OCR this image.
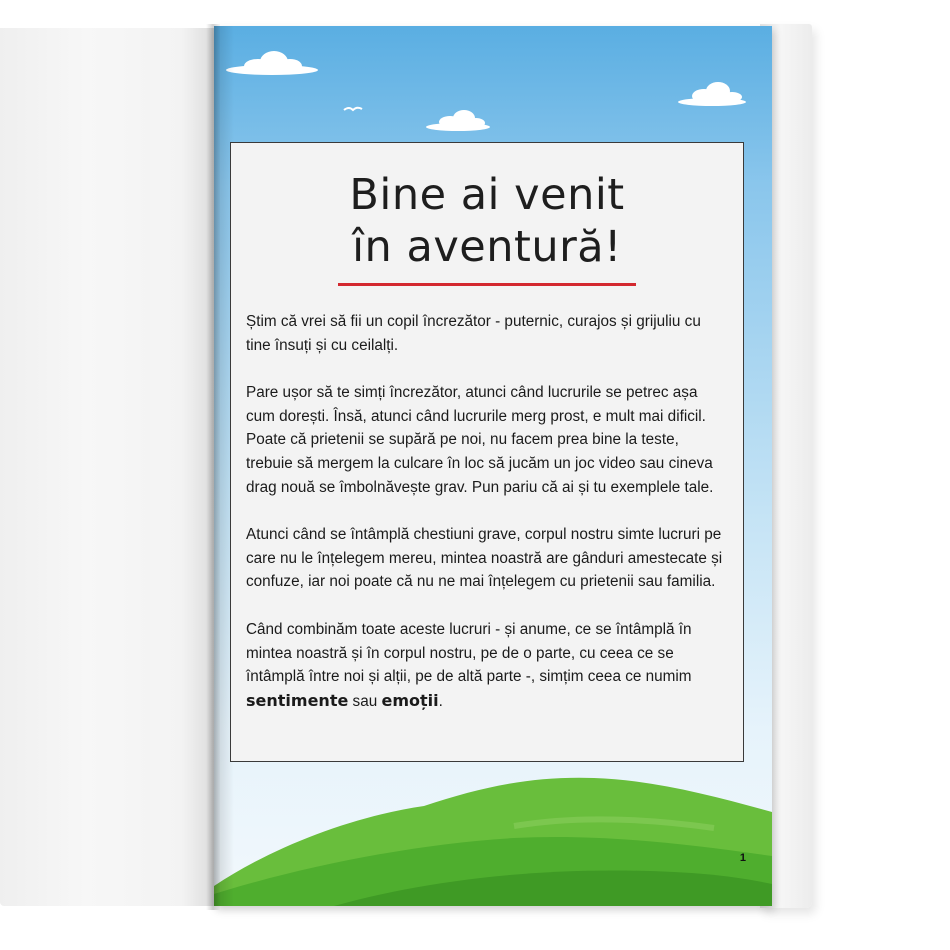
Bine ai venit
în aventură!

Știm că vrei să fii un copil încrezător - puternic, curajos și grijuliu cu tine însuți și cu ceilalți.

Pare ușor să te simți încrezător, atunci când lucrurile se petrec așa cum dorești. Însă, atunci când lucrurile merg prost, e mult mai dificil. Poate că prietenii se supără pe noi, nu facem prea bine la teste, trebuie să mergem la culcare în loc să jucăm un joc video sau cineva drag nouă se îmbolnăvește grav. Pun pariu că ai și tu exemplele tale.

Atunci când se întâmplă chestiuni grave, corpul nostru simte lucruri pe care nu le înțelegem mereu, mintea noastră are gânduri amestecate și confuze, iar noi poate că nu ne mai înțelegem cu prietenii sau familia.

Când combinăm toate aceste lucruri - și anume, ce se întâmplă în mintea noastră și în corpul nostru, pe de o parte, cu ceea ce se întâmplă între noi și alții, pe de altă parte -, simțim ceea ce numim sentimente sau emoții.

1
